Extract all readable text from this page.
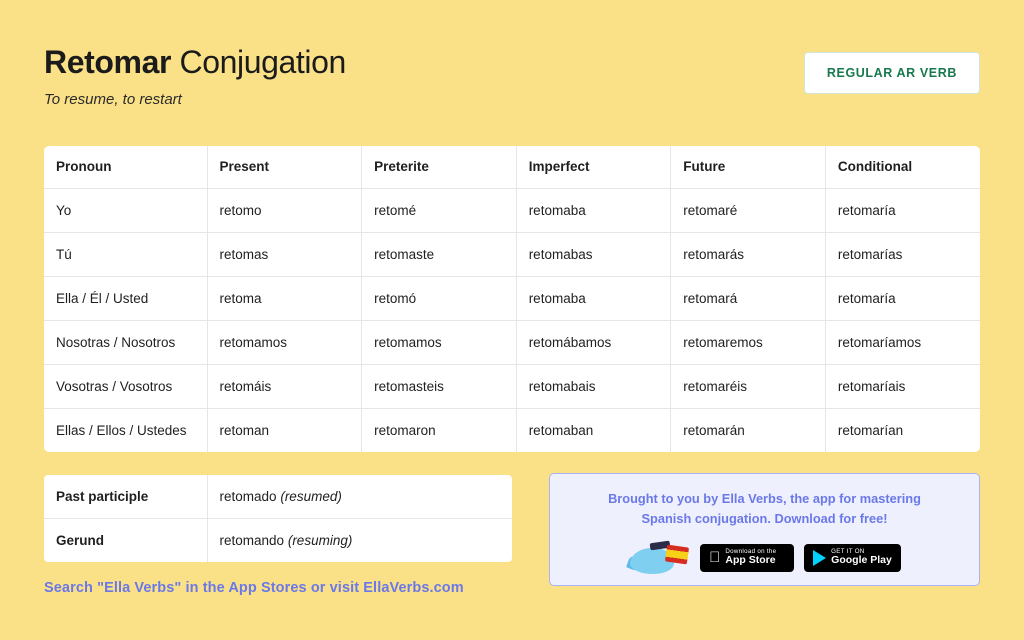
Retomar Conjugation
To resume, to restart
REGULAR AR VERB
Pronoun	Present	Preterite	Imperfect	Future	Conditional
Yo	retomo	retomé	retomaba	retomaré	retomaría
Tú	retomas	retomaste	retomabas	retomarás	retomarías
Ella / Él / Usted	retoma	retomó	retomaba	retomará	retomaría
Nosotras / Nosotros	retomamos	retomamos	retomábamos	retomaremos	retomaríamos
Vosotras / Vosotros	retomáis	retomasteis	retomabais	retomaréis	retomaríais
Ellas / Ellos / Ustedes	retoman	retomaron	retomaban	retomarán	retomarían
Past participle	retomado (resumed)
Gerund	retomando (resuming)
Search "Ella Verbs" in the App Stores or visit EllaVerbs.com
Brought to you by Ella Verbs, the app for mastering
Spanish conjugation. Download for free!
Download on the
App Store
GET IT ON
Google Play
